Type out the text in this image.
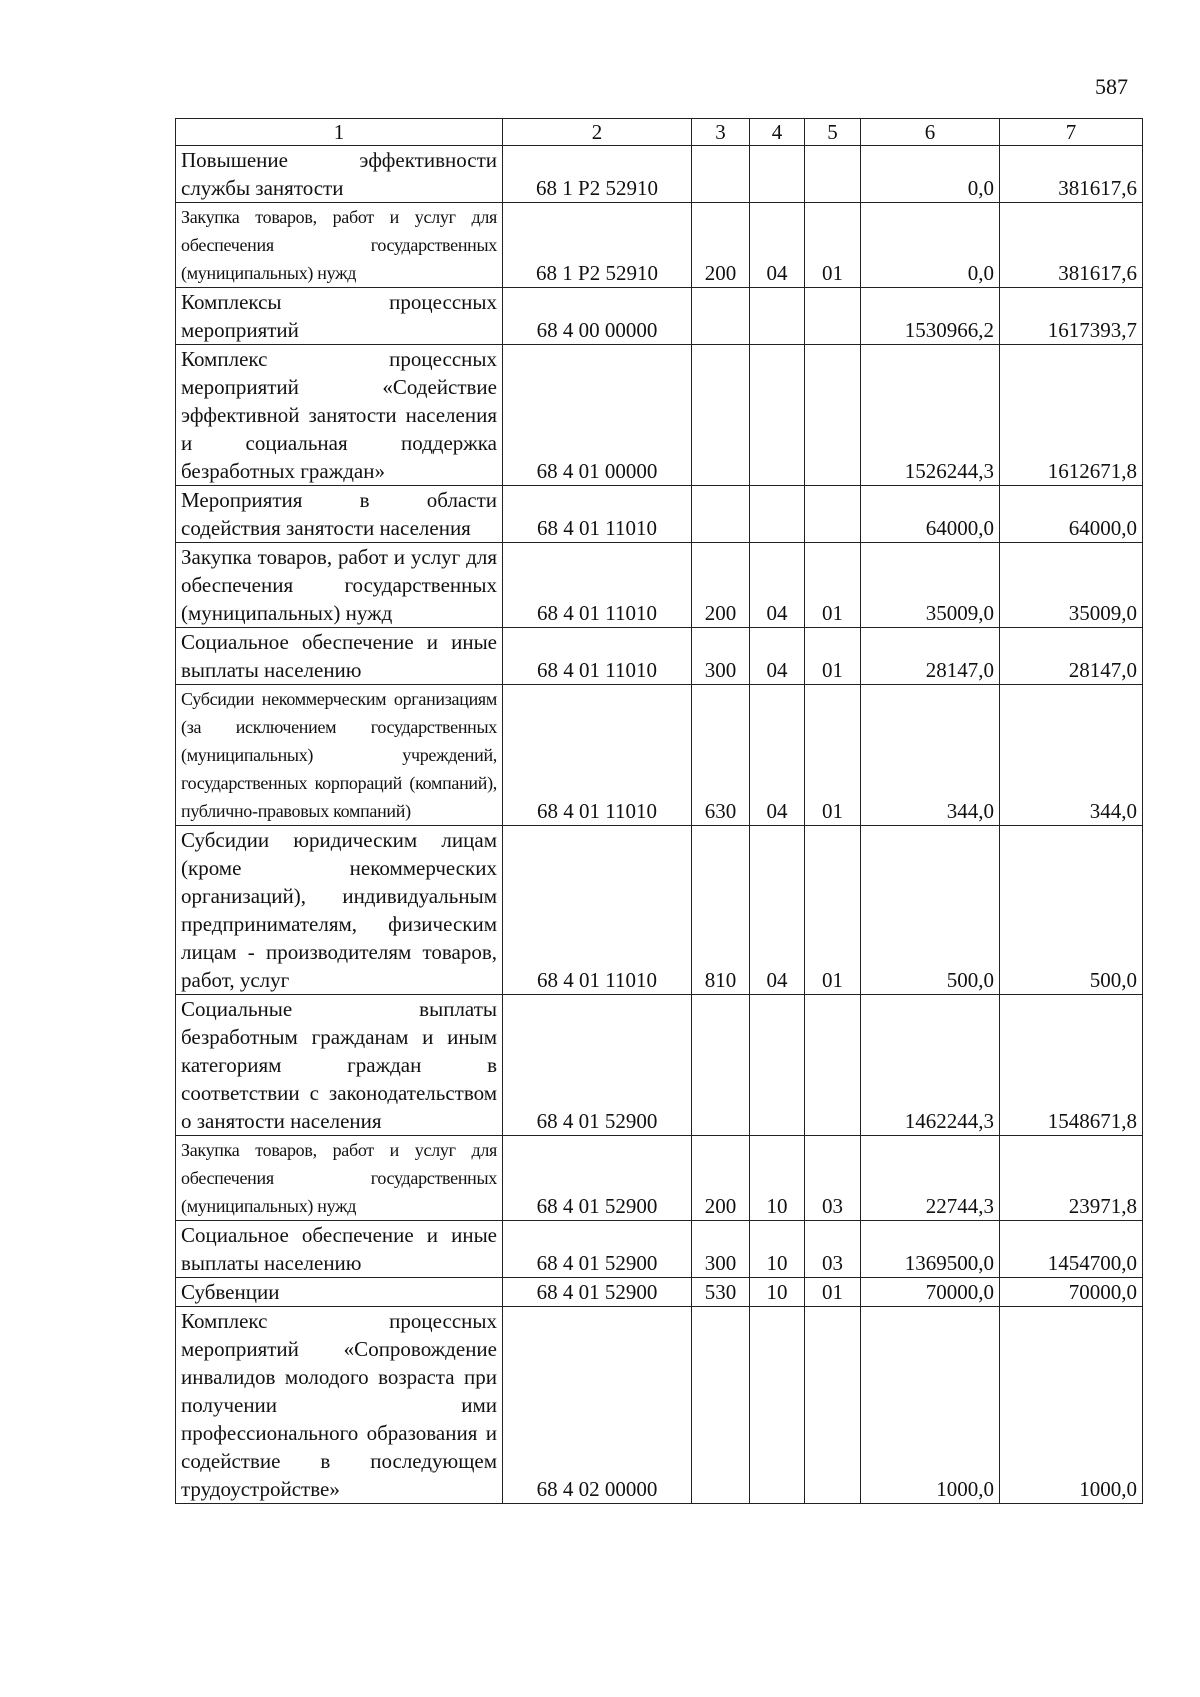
587
1	2	3	4	5	6	7
Повышение эффективности службы занятости	68 1 P2 52910				0,0	381617,6
Закупка товаров, работ и услуг для обеспечения государственных (муниципальных) нужд	68 1 P2 52910	200	04	01	0,0	381617,6
Комплексы процессных мероприятий	68 4 00 00000				1530966,2	1617393,7
Комплекс процессных мероприятий «Содействие эффективной занятости населения и социальная поддержка безработных граждан»	68 4 01 00000				1526244,3	1612671,8
Мероприятия в области содействия занятости населения	68 4 01 11010				64000,0	64000,0
Закупка товаров, работ и услуг для обеспечения государственных (муниципальных) нужд	68 4 01 11010	200	04	01	35009,0	35009,0
Социальное обеспечение и иные выплаты населению	68 4 01 11010	300	04	01	28147,0	28147,0
Субсидии некоммерческим организациям (за исключением государственных (муниципальных) учреждений, государственных корпораций (компаний), публично-правовых компаний)	68 4 01 11010	630	04	01	344,0	344,0
Субсидии юридическим лицам (кроме некоммерческих организаций), индивидуальным предпринимателям, физическим лицам - производителям товаров, работ, услуг	68 4 01 11010	810	04	01	500,0	500,0
Социальные выплаты безработным гражданам и иным категориям граждан в соответствии с законодательством о занятости населения	68 4 01 52900				1462244,3	1548671,8
Закупка товаров, работ и услуг для обеспечения государственных (муниципальных) нужд	68 4 01 52900	200	10	03	22744,3	23971,8
Социальное обеспечение и иные выплаты населению	68 4 01 52900	300	10	03	1369500,0	1454700,0
Субвенции	68 4 01 52900	530	10	01	70000,0	70000,0
Комплекс процессных мероприятий «Сопровождение инвалидов молодого возраста при получении ими профессионального образования и содействие в последующем трудоустройстве»	68 4 02 00000				1000,0	1000,0
